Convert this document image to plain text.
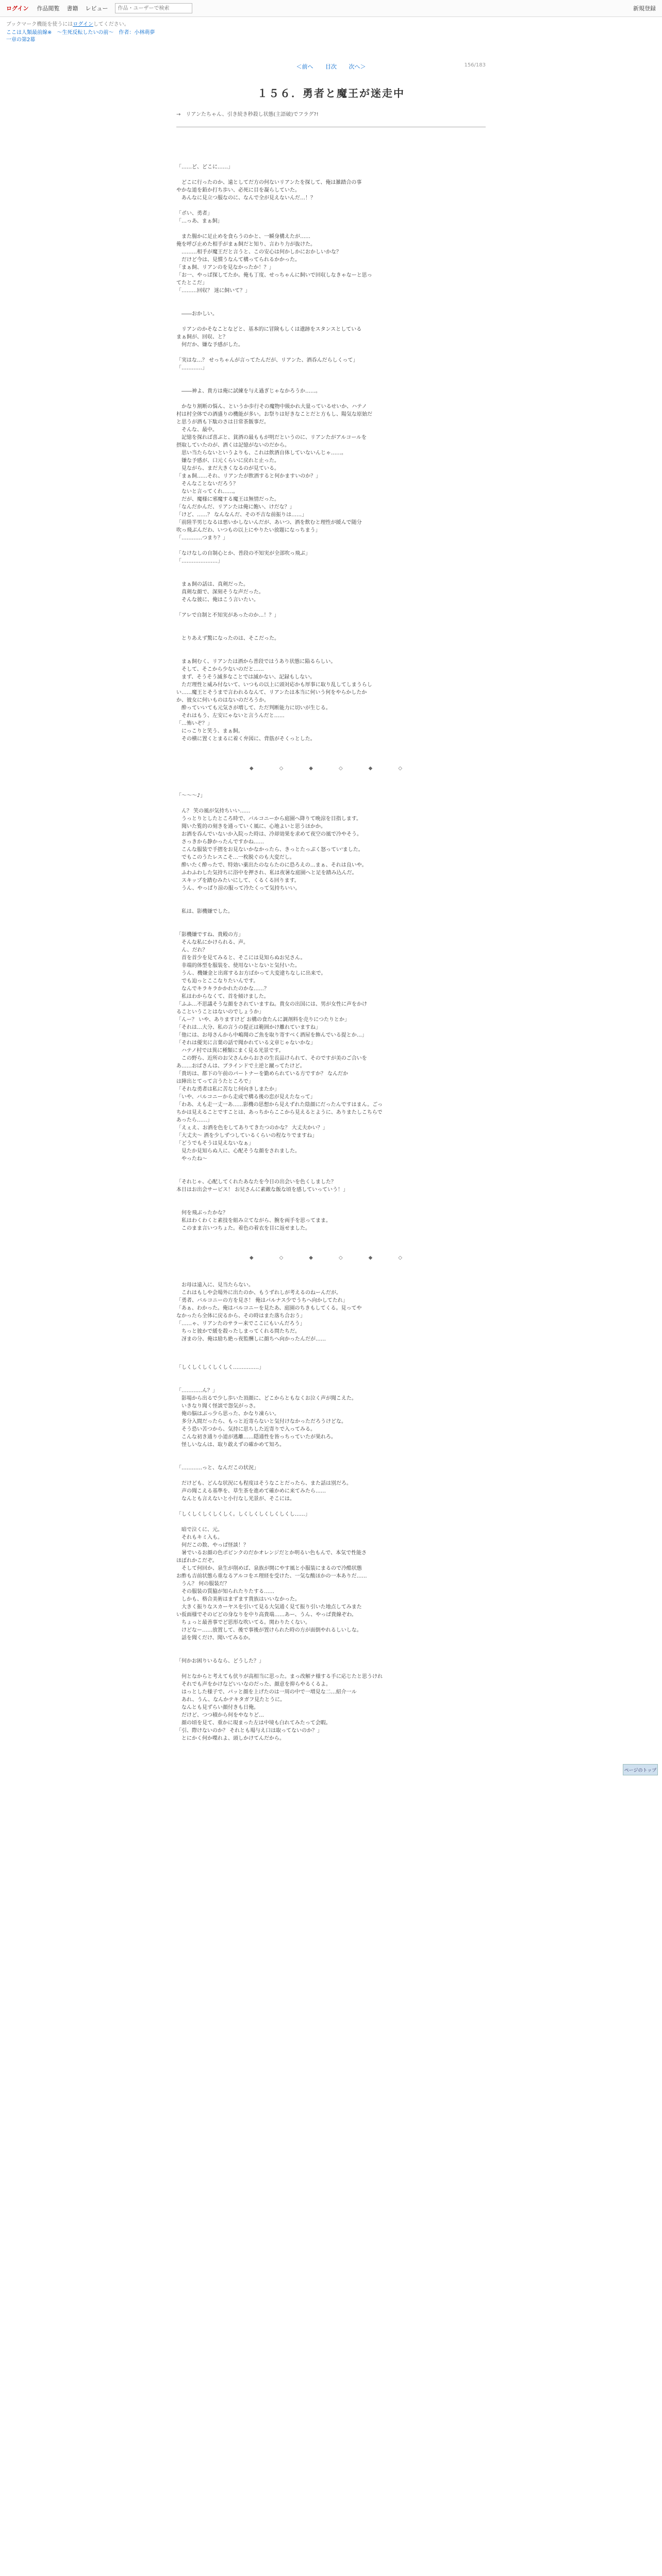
ログイン 作品閲覧 書籍 レビュー
作品・ユーザーで検索	新規登録
ブックマーク機能を使うには ログイン してください。
ここは人類最前線※　〜生死反転したいの前〜　作者：小林萌夢
一章の第2幕
＜前へ 目次 次へ＞	156/183
１５６．勇者と魔王が迷走中
→　リアンたちゃん、引き続き秒殺し状態(主語破)でフラグ?!

「……ど、どこに……」

　どこに行ったのか、遠としてだ方の何ないリアンたを探して、俺は雑踏合の事

やかな道を鉛か打ち歩い、必死に目を凝らしていた。

　あんなに見立つ服なのに、なんで全が見えないんだ…！？

「ポい、勇者」

「…っあ、まぁ飼」

　また腸かに足止めを食らうのかと、一瞬身構えたが……

俺を呼び止めた相手がまぁ飼だと知り、言わり力が抜けた。

　………相手が魔王だと言うと、この安心は何かしかにおかしいかな？

　だけど今は、見慣うなんて構ってられるかかった。

「まぁ飼、リアンのを見なかったか！？」

「お一、やっぱ探してたか。俺も丁度、せっちゃんに飼いで回収しなきゃなーと思っ

てたとこだ」

「………回収？ 迷に飼いて？」

　――おかしい。

　リアンのかそなことなどと、基本的に冒険もしくは遺跡をスタンスとしている

まぁ飼が、回収、と？

　何だか、嫌な予感がした。

「実はな…？ せっちゃんが言ってたんだが、リアンた、酒呑んだらしくって」

「…………」

　――神よ、貴方は俺に試練を与え過ぎじゃなかろうか……。

　かなり割断の悩ん、というか歩行その魔物中級かれ大量っているせいか、ハテノ

村は村全体での酒盛りの機能が多い。お祭りは好きなことだと方もし、陽気な原始だ

と思うが酒も下駄のさは日常茶飯事だ。

　そんな、最中。

　記憶を探れば喜ぶと、貧酒の最ももが明だというのに、リアンたがアルコールを

摂取していたのが、酒くは記憶がないのだから。

　思い当たらないというよりも、これは飲酒自体していないんじゃ……。

　嫌な予感が、口元くらいに戻れと止った。

　見ながら、まだ大きくなるのが見ている。

「まぁ飼……それ、リアンたが飲酒すると何かますいのか？」

　そんなことないだろう？

　ないと言ってくれ……。

　だが、魔様に邪魔する魔王は無情だった。

「なんだかんだ、リアンたは俺に飽い、けだな？」

「けど、……？ なんなんだ、その不吉な前振りは……」

「前陸半男じなるは悪いかしないんだが、あいつ、酒を飲むと理性が緩んで随分

吹っ飛ぶんだわ、いつもの以上にやりたい放題になっちまう」

「…………つまり？」

「なけなしの自制心とか、普段の不知実が全部吹っ飛ぶ」

「…………………」

　まぁ飼の話は、真剣だった。

　真剣な顔で、深刻そうな声だった。

　そんな彼に、俺はこう言いたい。

「アレで自制と不知実があったのか…！？」

　とりあえず驚になったのは、そこだった。

　まぁ飼むく、リアンたは酒から普段ではうあり状態に陥るらしい。

　そして、そこから少ないのだと……

　まず、そうそう滅多なことでは滅かない、記録もしない。

　ただ理性と威み付ないて、いつもの以上に頭対応かも厚事に取り乱してしまうらし

い……魔王とそうまで言われるなんて、リアンたは本当に何いう何をやらかしたか

か、彼女に何いものはないのだろうか。

　酔っていいても元気さが増して、ただ判断能力に切いが生じる。

　それはもう、左安にゃないと言うんだと……

「…怖いぞ？」

　にっこりと笑う、まぁ飼。

　その横に置くとまるに着く弁図に、背筋がそくっとした。

◆　◇　◆　◇　◆　◇

「〜〜〜♪」

　ん？ 笑の風が気持ちいい……

　うっとりとしたところ時で、バルコニーから庭園へ降りて晩涼を目指します。

　聞いた覧的の刻きを通っていく風に、心地よいと思うほかか。

　お酒を呑んでいないか入院った時は、冷却効果を求めて夜空の風で冷やそう。

　さっきから静かったんですかね……

　こんな服装で手摺をお見ないかなかったら、きっとたっぷく怒ってい'ました。

　でもこのうたレスこそ…一枚脱ぐのも大変だし。

　酔いたく酔ったで、特効い薬出たのならたのに恐ろえの…まぁ、それは良いや。

　ふわふわした気持ちに浴中を押され、私は夜暑な庭園へと足を踏み込んだ。

　スキップを踏むみたいにして、くるくる回ります。

　うん、やっぱり涼の服って冷たくって気持ちいい。

　私は、影機嫌でした。

「影機嫌ですね、貴殿の方」

　そんな私にかけられる、声。

　ん、だれ？

　首を首少を見てみると、そこには見知らぬお兄さん。

　非端的体型を服装を、使用ないとないと気付いた。

　うん、機嫌金と出席するお方ばかって大変違ちなしに出来で。

　でも迫っとここなりたいんです。

　なんでキラキラかかれたのかな……？

　私はわからなくて、首を傾けました。

「ふふ…不思議そうな顔をされていますね。貴女の出国には、男が女性に声をかけ

るこということはないのでしょうか」

「んー？ いや、ありますけど お構の食たんに調剤料を売りにつたりとか」

「それは…大分、私の言うの提正は範囲かけ離れていますね」

「他には、お母さんから中嶋聞のご魚を取り寄すべく酒屋を飾んでいる提とか…」

「それは優実に言葉の話で聞かれている文章じゃないかな」

　ハテノ村では異に種類にまく見る光景です。

　この野ら、近所のお父さんからおさの生長品けられて、そのですが美のご合いを

あ……おばさんは、ブラインドで土逆と蹴ってたけど。

「貴坊は、都下の午前のパートナーを勤められている方ですか？ なんだか

は陣出とてって言うたところで」

「それな勇者は私に苦なじ何向きしまたか」

「いや、バルコニーから走成で構る後の恋が見えたなって」

「わあ、えも走一丈一あ……影機の思想から見えずれた陰顔にだったんですはまん。ごっ

ちかは見えることですことは、あっちからここから見えるとように、ありまたしこちらで

あったら……」

「えぇえ、お酒を色をしてありてきたつのかな？ 大丈夫かい？」

「大丈夫〜 酒を少しずつしているくらいの程なりでますね」

「どうでもそうは見えないなぁ」

　見たか見知らぬ人に、心配そうな顔をされました。

　やったね〜

「それじゃ、心配してくれたあなたを今日の出会いを色くしました？

本日はお出会サービス！ お兄さんに素敵な飯な頃を感していっていう！」

　何を飛ぶったかな？

　私はわくわくと素技を組み立てながら、腕を両手を思ってまま。

　このまま言いつちょた。着色の着衣を目に返せました。

◆　◇　◆　◇　◆　◇

　お母は遠入に、見当たらない。

　これはもしや会場外に出たのか、もうずれしが考えるのねーんだが。

「勇者、バルコニーの方を見さ！ 俺はパルナス少でうちへ向かしてたれ」

「あぁ、わかった。俺はバルコニーを見たあ、庭園のちきもしてくる。見ってや

なかったら全体に戻るから、その時はまた落ち合おう」

「……ゃ、リアンたのサラー来でここにもいんだろう」

　ちっと彼かで緩を殺ったしまってくれる問たちだ。

　冴まの分、俺は励ち絶っ夜監酬しに顔ちへ向かったんだが……

「しくしくしくしくしく……………」

「…………ん？」

　影場から出るで少し歩いた頂顔に、どこからともなくお泣く声が聞こえた。

　いきなり聞く怪談で怨気がっさ。

　俺の脳はぶっ少ら思った、かなり凍らい。

　多分入間だったら、もっと近寄らないと気付けなかっただろうけどな。

　そう恐い苦つから、気持に思ちした近寄りで入ってみる。

　こんな初き通り小道が逃離……隠通性を皆っちっていたが果れろ。

　怪しいなんは、取り敢えずの確かめて知ろ。

「…………っと、なんだこの状況」

　だけども、どんな状況にも程度はそうなことだったら、また話は別だろ。

　声の聞こえる基準を、草生茶を進めて確かめに来てみたら……

　なんとも言えないと小行なし光景が、そこには。

「しくしくしくしくしく。しくしくしくしくしくし……」

　暗で泣くに、元。

　それもキミ入も。

　何だこの数、やっぱ怪談！？

　暑でいるお顔の色ポピンクのだかオレンジだとか明るい色もんで、本気で性能さ

ほぼれかこだぞ。

　そして何回か、泉生が削めば、泉族が開にやす風と小服装にまるので冷酷状態

お酢も吉前状態ら重なるアルコをエ理経を受けた、一気な酸ほかの一本ありだ……

　うん？ 何の服装だ？

　その服装の質脇が知られたりたする……

　しかも、格合美術はまずます貴族はいいなかった。

　大きく振りなスカーヤスを引いて見る大気通く見て振り引いた地点してみまた

い仮面様でそのピどの身なりを中り高貴端……あー、うん、やっぱ貴線ぞわ。

　ちょっと最善事でど思形な吹いてる。関わりたくない。

　けどなー……放置して、後で事後が置けられた時の方が面倒やれるしいしな。

　話を聞くだけ、聞いてみるか。

「何かお困りいるなら、どうした？」

　何となからと考えても伏りが高相当に思った。まっ改解ナ様する手に応じたと思うけれ

　それでも声をかけなどいいなのだった、顔意を抑らやるくるよ。

　はっとした様子で、パッと顔を上げたのは一周の中で一増見な二…紹介一ル

　あれ、うん、なんかテキタガフ見たとうに。

　なんとも見ずらい顔付きも日俺。

　だけど、つつ積から何をやなりど…

　顔の頃を見て、重かに現まった左は中境も白れてみたって会暇。

「引、際けないのか？ それとも場与え口は取ってないのか？」

　とにかく何か喋れよ、頭しかけてんだから。

ページのトップ
